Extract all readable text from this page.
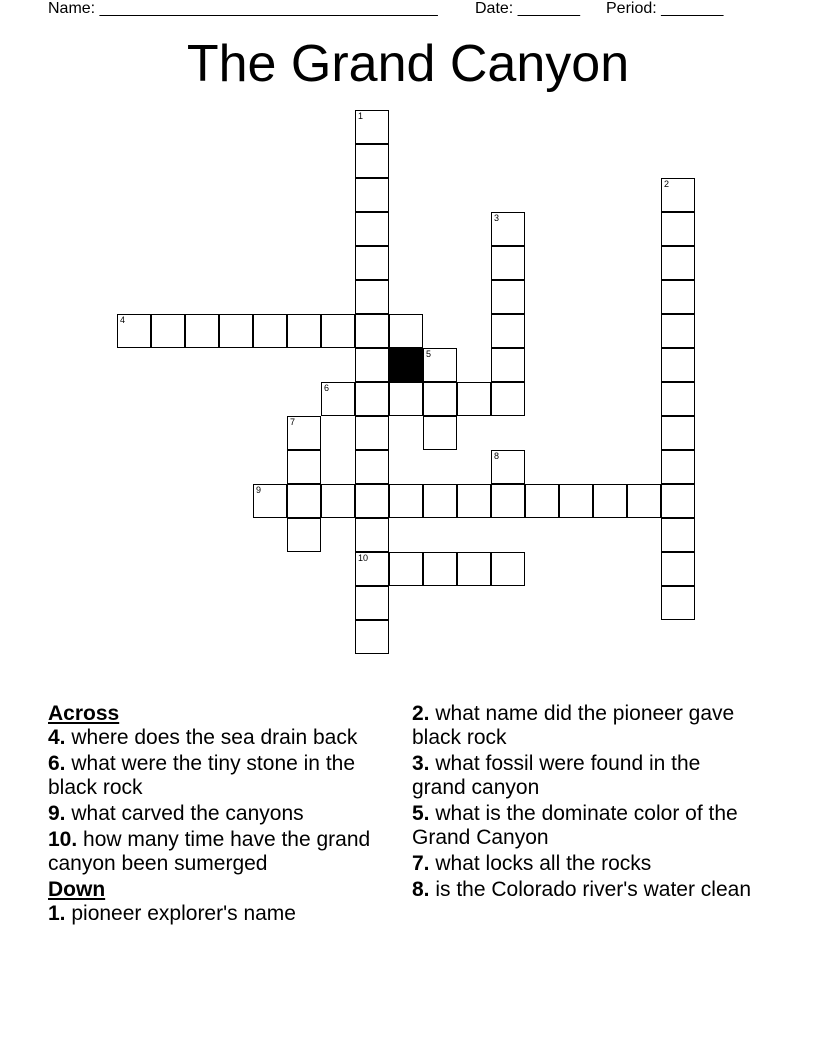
Name: ______________________________________ Date: _______ Period: _______
The Grand Canyon
1
10
2
3
4
5
6
7
8
9

Across

4. where does the sea drain back

6. what were the tiny stone in the black rock

9. what carved the canyons

10. how many time have the grand canyon been sumerged

Down

1. pioneer explorer's name

2. what name did the pioneer gave black rock

3. what fossil were found in the grand canyon

5. what is the dominate color of the Grand Canyon

7. what locks all the rocks

8. is the Colorado river's water clean
